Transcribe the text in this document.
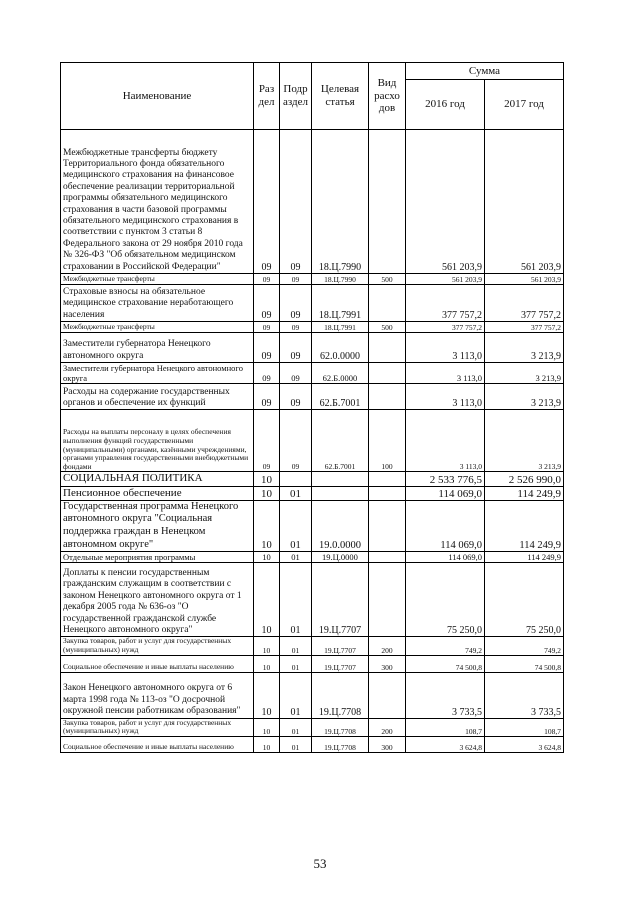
Наименование	Раз дел	Подр аздел	Целевая статья	Вид расхо дов	Сумма	
					2016 год	2017 год
Межбюджетные трансферты бюджету Территориального фонда обязательного медицинского страхования на финансовое обеспечение реализации территориальной программы обязательного медицинского страхования в части базовой программы обязательного медицинского страхования в соответствии с пунктом 3 статьи 8 Федерального закона от 29 ноября 2010 года № 326-ФЗ "Об обязательном медицинском страховании в Российской Федерации"	09	09	18.Ц.7990		561 203,9	561 203,9
Межбюджетные трансферты	09	09	18.Ц.7990	500	561 203,9	561 203,9
Страховые взносы на обязательное медицинское страхование неработающего населения	09	09	18.Ц.7991		377 757,2	377 757,2
Межбюджетные трансферты	09	09	18.Ц.7991	500	377 757,2	377 757,2
Заместители губернатора Ненецкого автономного округа	09	09	62.0.0000		3 113,0	3 213,9
Заместители губернатора Ненецкого автономного округа	09	09	62.Б.0000		3 113,0	3 213,9
Расходы на содержание государственных органов и обеспечение их функций	09	09	62.Б.7001		3 113,0	3 213,9
Расходы на выплаты персоналу в целях обеспечения выполнения функций государственными (муниципальными) органами, казёнными учреждениями, органами управления государственными внебюджетными фондами	09	09	62.Б.7001	100	3 113,0	3 213,9
СОЦИАЛЬНАЯ ПОЛИТИКА	10				2 533 776,5	2 526 990,0
Пенсионное обеспечение	10	01			114 069,0	114 249,9
Государственная программа Ненецкого автономного округа "Социальная поддержка граждан в Ненецком автономном округе"	10	01	19.0.0000		114 069,0	114 249,9
Отдельные мероприятия программы	10	01	19.Ц.0000		114 069,0	114 249,9
Доплаты к пенсии государственным гражданским служащим в соответствии с законом Ненецкого автономного округа от 1 декабря 2005 года № 636-оз "О государственной гражданской службе Ненецкого автономного округа"	10	01	19.Ц.7707		75 250,0	75 250,0
Закупка товаров, работ и услуг для государственных (муниципальных) нужд	10	01	19.Ц.7707	200	749,2	749,2
Социальное обеспечение и иные выплаты населению	10	01	19.Ц.7707	300	74 500,8	74 500,8
Закон Ненецкого автономного округа от 6 марта 1998 года № 113-оз "О досрочной окружной пенсии работникам образования"	10	01	19.Ц.7708		3 733,5	3 733,5
Закупка товаров, работ и услуг для государственных (муниципальных) нужд	10	01	19.Ц.7708	200	108,7	108,7
Социальное обеспечение и иные выплаты населению	10	01	19.Ц.7708	300	3 624,8	3 624,8
53
